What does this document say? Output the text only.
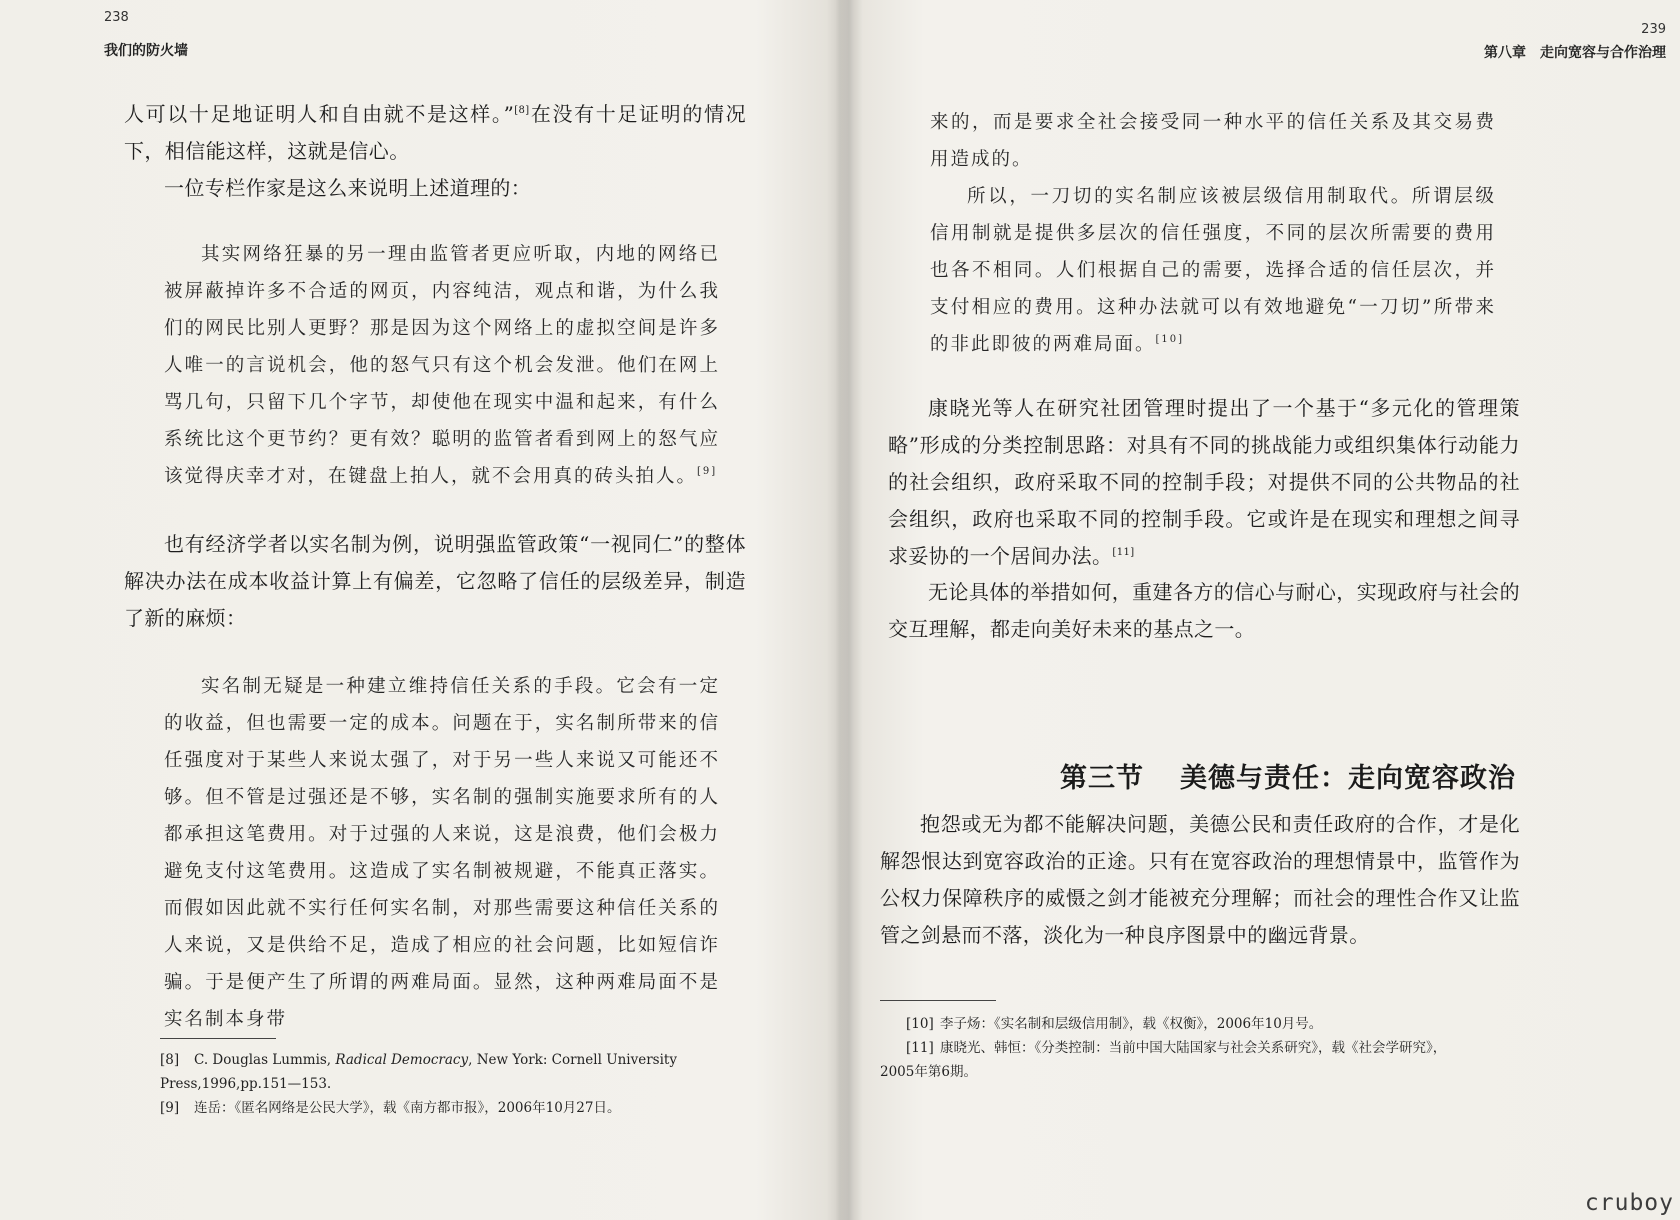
238
我们的防火墙

人可以十足地证明人和自由就不是这样。”[8]在没有十足证明的情况下，相信能这样，这就是信心。

一位专栏作家是这么来说明上述道理的：

其实网络狂暴的另一理由监管者更应听取，内地的网络已被屏蔽掉许多不合适的网页，内容纯洁，观点和谐，为什么我们的网民比别人更野？那是因为这个网络上的虚拟空间是许多人唯一的言说机会，他的怒气只有这个机会发泄。他们在网上骂几句，只留下几个字节，却使他在现实中温和起来，有什么系统比这个更节约？更有效？聪明的监管者看到网上的怒气应该觉得庆幸才对，在键盘上拍人，就不会用真的砖头拍人。[9]

也有经济学者以实名制为例，说明强监管政策“一视同仁”的整体解决办法在成本收益计算上有偏差，它忽略了信任的层级差异，制造了新的麻烦：

实名制无疑是一种建立维持信任关系的手段。它会有一定的收益，但也需要一定的成本。问题在于，实名制所带来的信任强度对于某些人来说太强了，对于另一些人来说又可能还不够。但不管是过强还是不够，实名制的强制实施要求所有的人都承担这笔费用。对于过强的人来说，这是浪费，他们会极力避免支付这笔费用。这造成了实名制被规避，不能真正落实。而假如因此就不实行任何实名制，对那些需要这种信任关系的人来说，又是供给不足，造成了相应的社会问题，比如短信诈骗。于是便产生了所谓的两难局面。显然，这种两难局面不是实名制本身带

[8] C. Douglas Lummis, Radical Democracy, New York: Cornell University Press,1996,pp.151—153.
[9] 连岳：《匿名网络是公民大学》，载《南方都市报》，2006年10月27日。
239
第八章　走向宽容与合作治理

来的，而是要求全社会接受同一种水平的信任关系及其交易费用造成的。

所以，一刀切的实名制应该被层级信用制取代。所谓层级信用制就是提供多层次的信任强度，不同的层次所需要的费用也各不相同。人们根据自己的需要，选择合适的信任层次，并支付相应的费用。这种办法就可以有效地避免“一刀切”所带来的非此即彼的两难局面。[10]

康晓光等人在研究社团管理时提出了一个基于“多元化的管理策略”形成的分类控制思路：对具有不同的挑战能力或组织集体行动能力的社会组织，政府采取不同的控制手段；对提供不同的公共物品的社会组织，政府也采取不同的控制手段。它或许是在现实和理想之间寻求妥协的一个居间办法。[11]

无论具体的举措如何，重建各方的信心与耐心，实现政府与社会的交互理解，都走向美好未来的基点之一。

第三节 美德与责任：走向宽容政治

抱怨或无为都不能解决问题，美德公民和责任政府的合作，才是化解怨恨达到宽容政治的正途。只有在宽容政治的理想情景中，监管作为公权力保障秩序的威慑之剑才能被充分理解；而社会的理性合作又让监管之剑悬而不落，淡化为一种良序图景中的幽远背景。

[10] 李子炀：《实名制和层级信用制》，载《权衡》，2006年10月号。
[11] 康晓光、韩恒：《分类控制：当前中国大陆国家与社会关系研究》，载《社会学研究》，
2005年第6期。
cruboy
